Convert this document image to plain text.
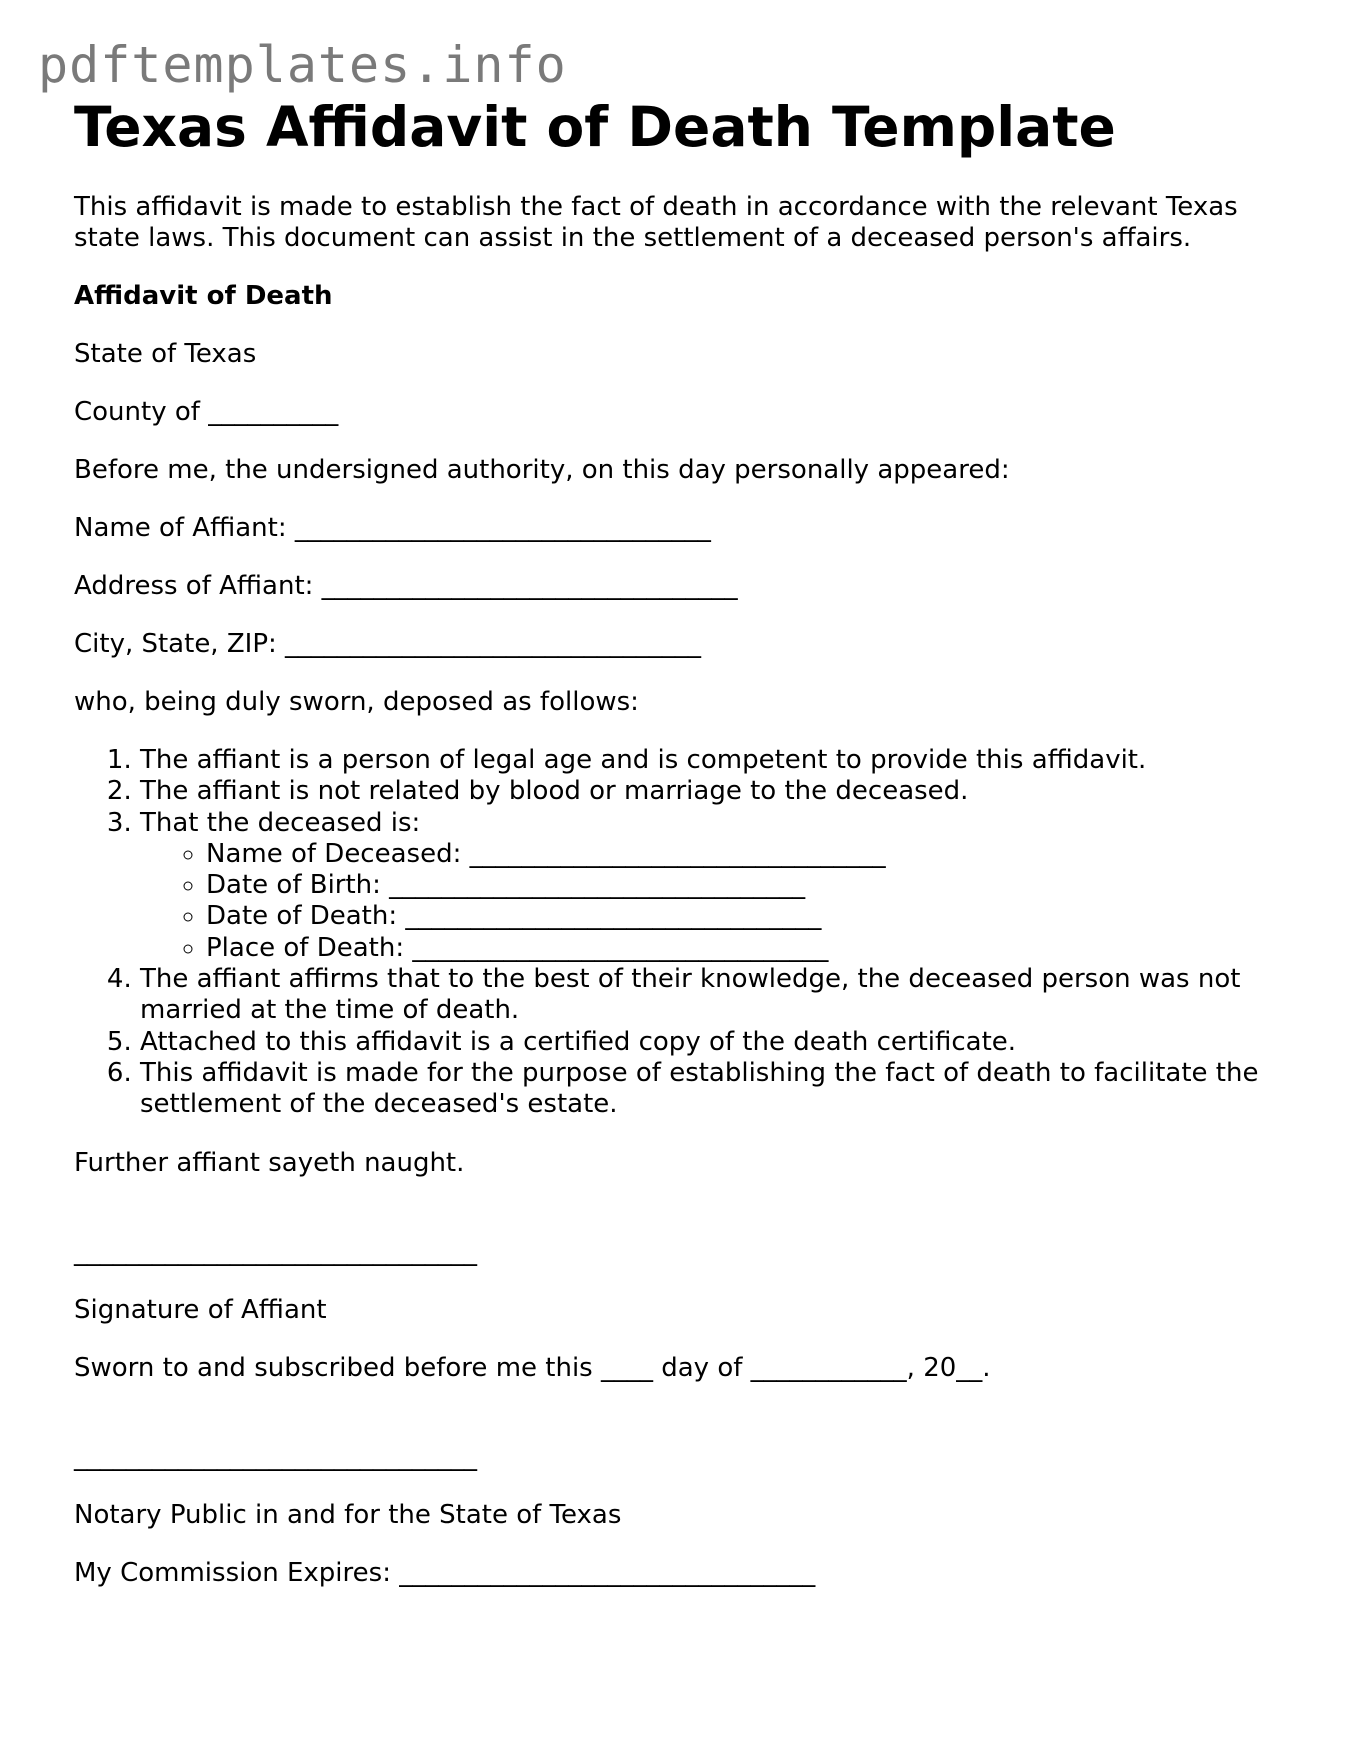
pdftemplates.info
Texas Affidavit of Death Template

This affidavit is made to establish the fact of death in accordance with the relevant Texas state laws. This document can assist in the settlement of a deceased person's affairs.

Affidavit of Death

State of Texas

County of __________

Before me, the undersigned authority, on this day personally appeared:

Name of Affiant: ________________________________

Address of Affiant: ________________________________

City, State, ZIP: ________________________________

who, being duly sworn, deposed as follows:

1. The affiant is a person of legal age and is competent to provide this affidavit.
2. The affiant is not related by blood or marriage to the deceased.
3. That the deceased is:
◦ Name of Deceased: ________________________________
◦ Date of Birth: ________________________________
◦ Date of Death: ________________________________
◦ Place of Death: ________________________________
4. The affiant affirms that to the best of their knowledge, the deceased person was not married at the time of death.
5. Attached to this affidavit is a certified copy of the death certificate.
6. This affidavit is made for the purpose of establishing the fact of death to facilitate the settlement of the deceased's estate.

Further affiant sayeth naught.

_______________________________

Signature of Affiant

Sworn to and subscribed before me this ____ day of ____________, 20__.

_______________________________

Notary Public in and for the State of Texas

My Commission Expires: ________________________________
